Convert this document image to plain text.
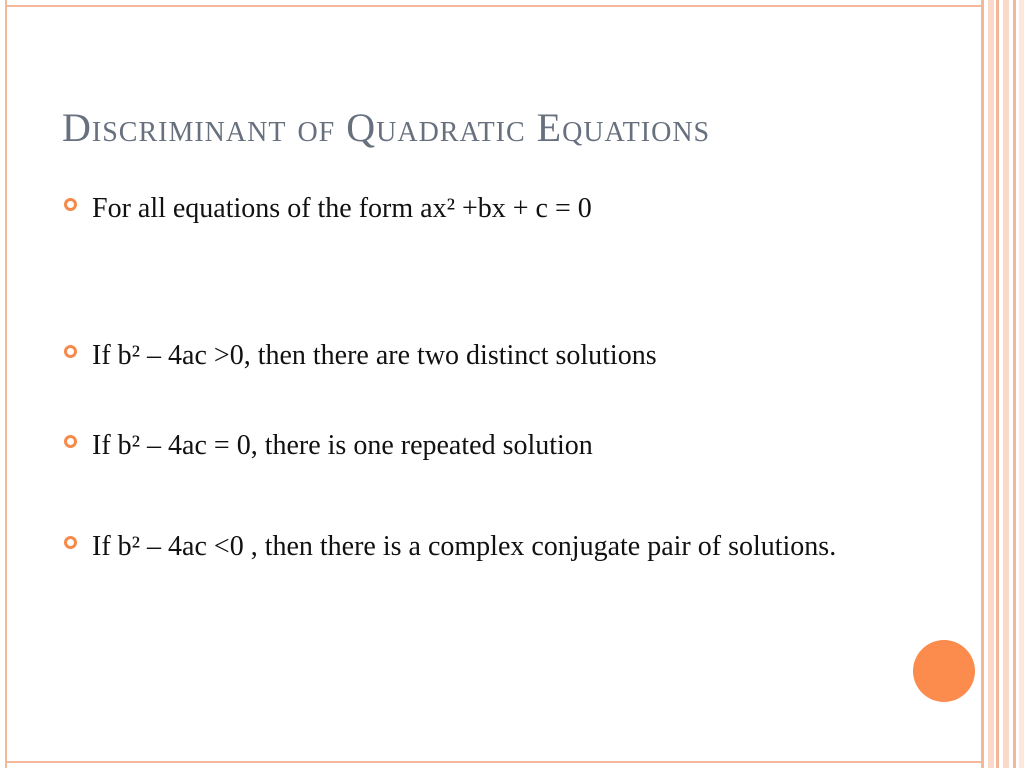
Discriminant of Quadratic Equations
For all equations of the form ax² +bx + c = 0
If b² – 4ac >0, then there are two distinct solutions
If b² – 4ac = 0, there is one repeated solution
If b² – 4ac <0 , then there is a complex conjugate pair of solutions.
